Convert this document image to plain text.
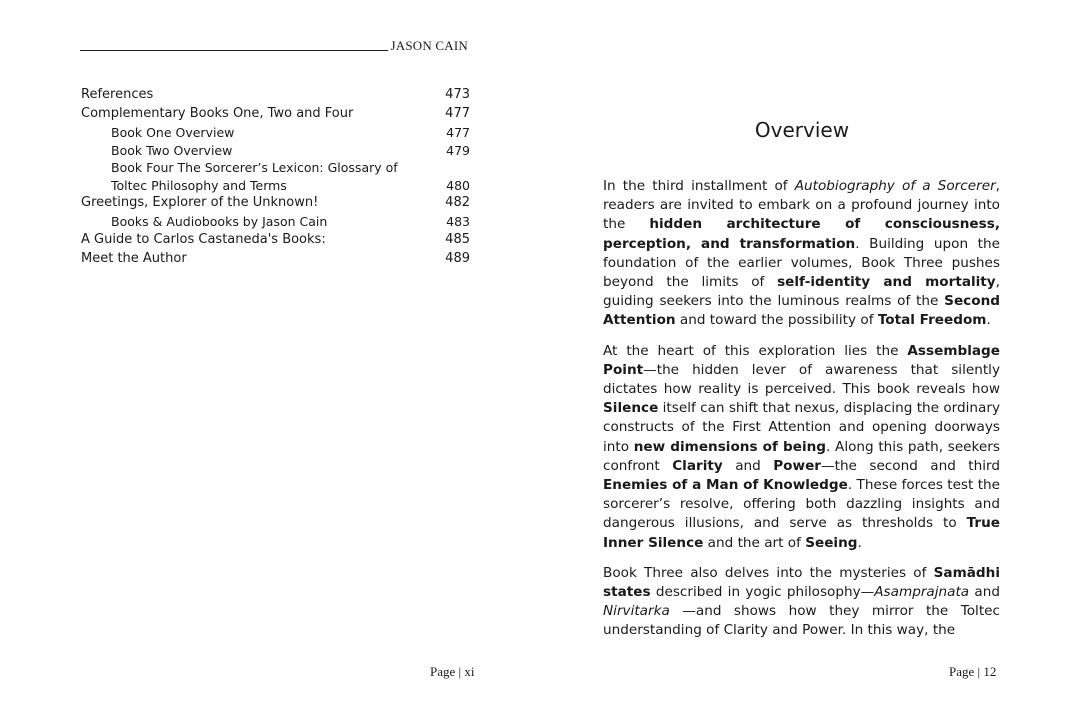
JASON CAIN
References	473
Complementary Books One, Two and Four	477
Book One Overview	477
Book Two Overview	479
Book Four The Sorcerer’s Lexicon: Glossary of Toltec Philosophy and Terms	480
Greetings, Explorer of the Unknown!	482
Books & Audiobooks by Jason Cain	483
A Guide to Carlos Castaneda's Books:	485
Meet the Author	489
Page | xi
Overview

In the third installment of Autobiography of a Sorcerer, readers are invited to embark on a profound journey into the hidden architecture of consciousness, perception, and transformation. Building upon the foundation of the earlier volumes, Book Three pushes beyond the limits of self-identity and mortality, guiding seekers into the luminous realms of the Second Attention and toward the possibility of Total Freedom.

At the heart of this exploration lies the Assemblage Point—the hidden lever of awareness that silently dictates how reality is perceived. This book reveals how Silence itself can shift that nexus, displacing the ordinary constructs of the First Attention and opening doorways into new dimensions of being. Along this path, seekers confront Clarity and Power—the second and third Enemies of a Man of Knowledge. These forces test the sorcerer’s resolve, offering both dazzling insights and dangerous illusions, and serve as thresholds to True Inner Silence and the art of Seeing.

Book Three also delves into the mysteries of Samādhi states described in yogic philosophy—Asamprajnata and Nirvitarka —and shows how they mirror the Toltec understanding of Clarity and Power. In this way, the

Page | 12
